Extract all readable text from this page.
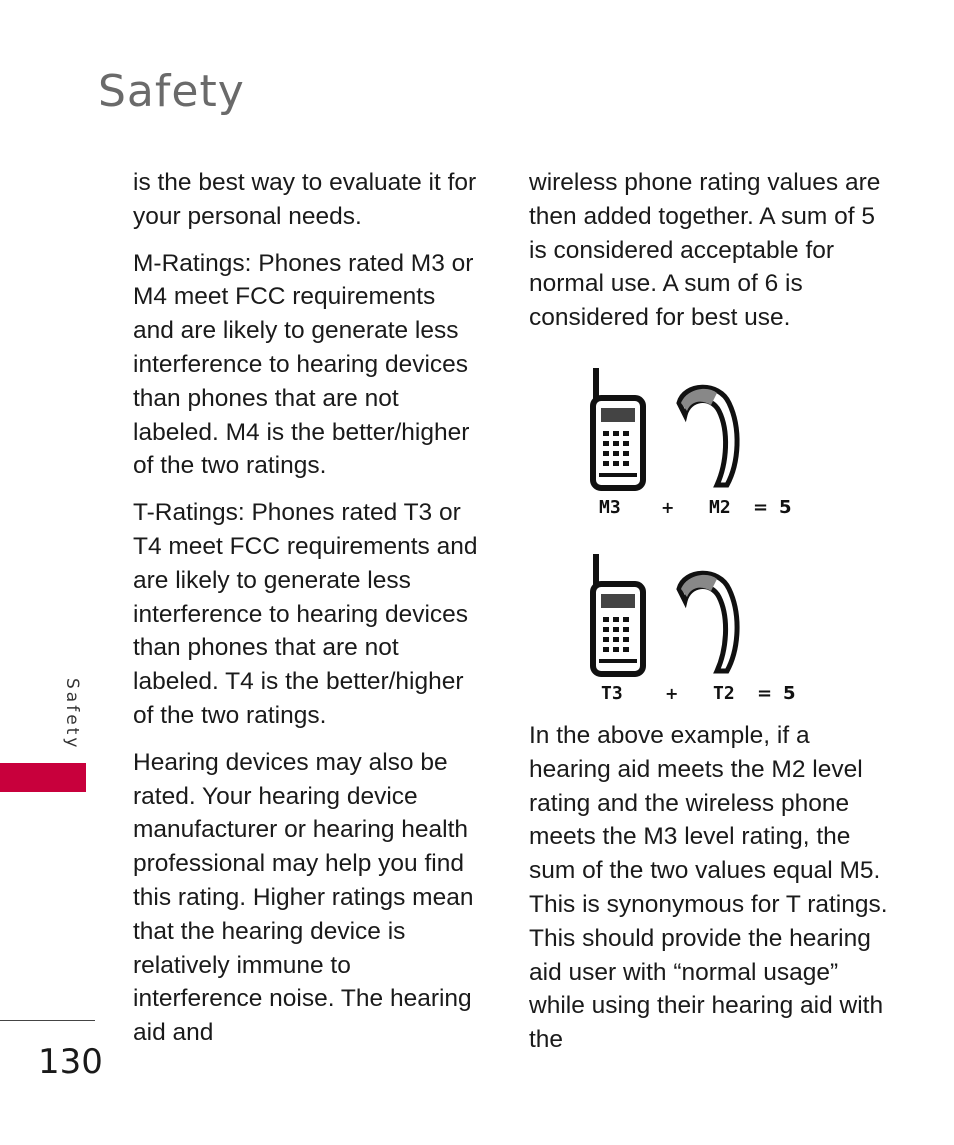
Safety

is the best way to evaluate it for your personal needs.

M-Ratings: Phones rated M3 or M4 meet FCC requirements and are likely to generate less interference to hearing devices than phones that are not labeled. M4 is the better/higher of the two ratings.

T-Ratings: Phones rated T3 or T4 meet FCC requirements and are likely to generate less interference to hearing devices than phones that are not labeled. T4 is the better/higher of the two ratings.

Hearing devices may also be rated. Your hearing device manufacturer or hearing health professional may help you find this rating. Higher ratings mean that the hearing device is relatively immune to interference noise. The hearing aid and

wireless phone rating values are then added together. A sum of 5 is considered acceptable for normal use. A sum of 6 is considered for best use.

M3	+ M2 = 5
T3	+ T2 = 5

In the above example, if a hearing aid meets the M2 level rating and the wireless phone meets the M3 level rating, the sum of the two values equal M5. This is synonymous for T ratings. This should provide the hearing aid user with “normal usage” while using their hearing aid with the

Safety
130
